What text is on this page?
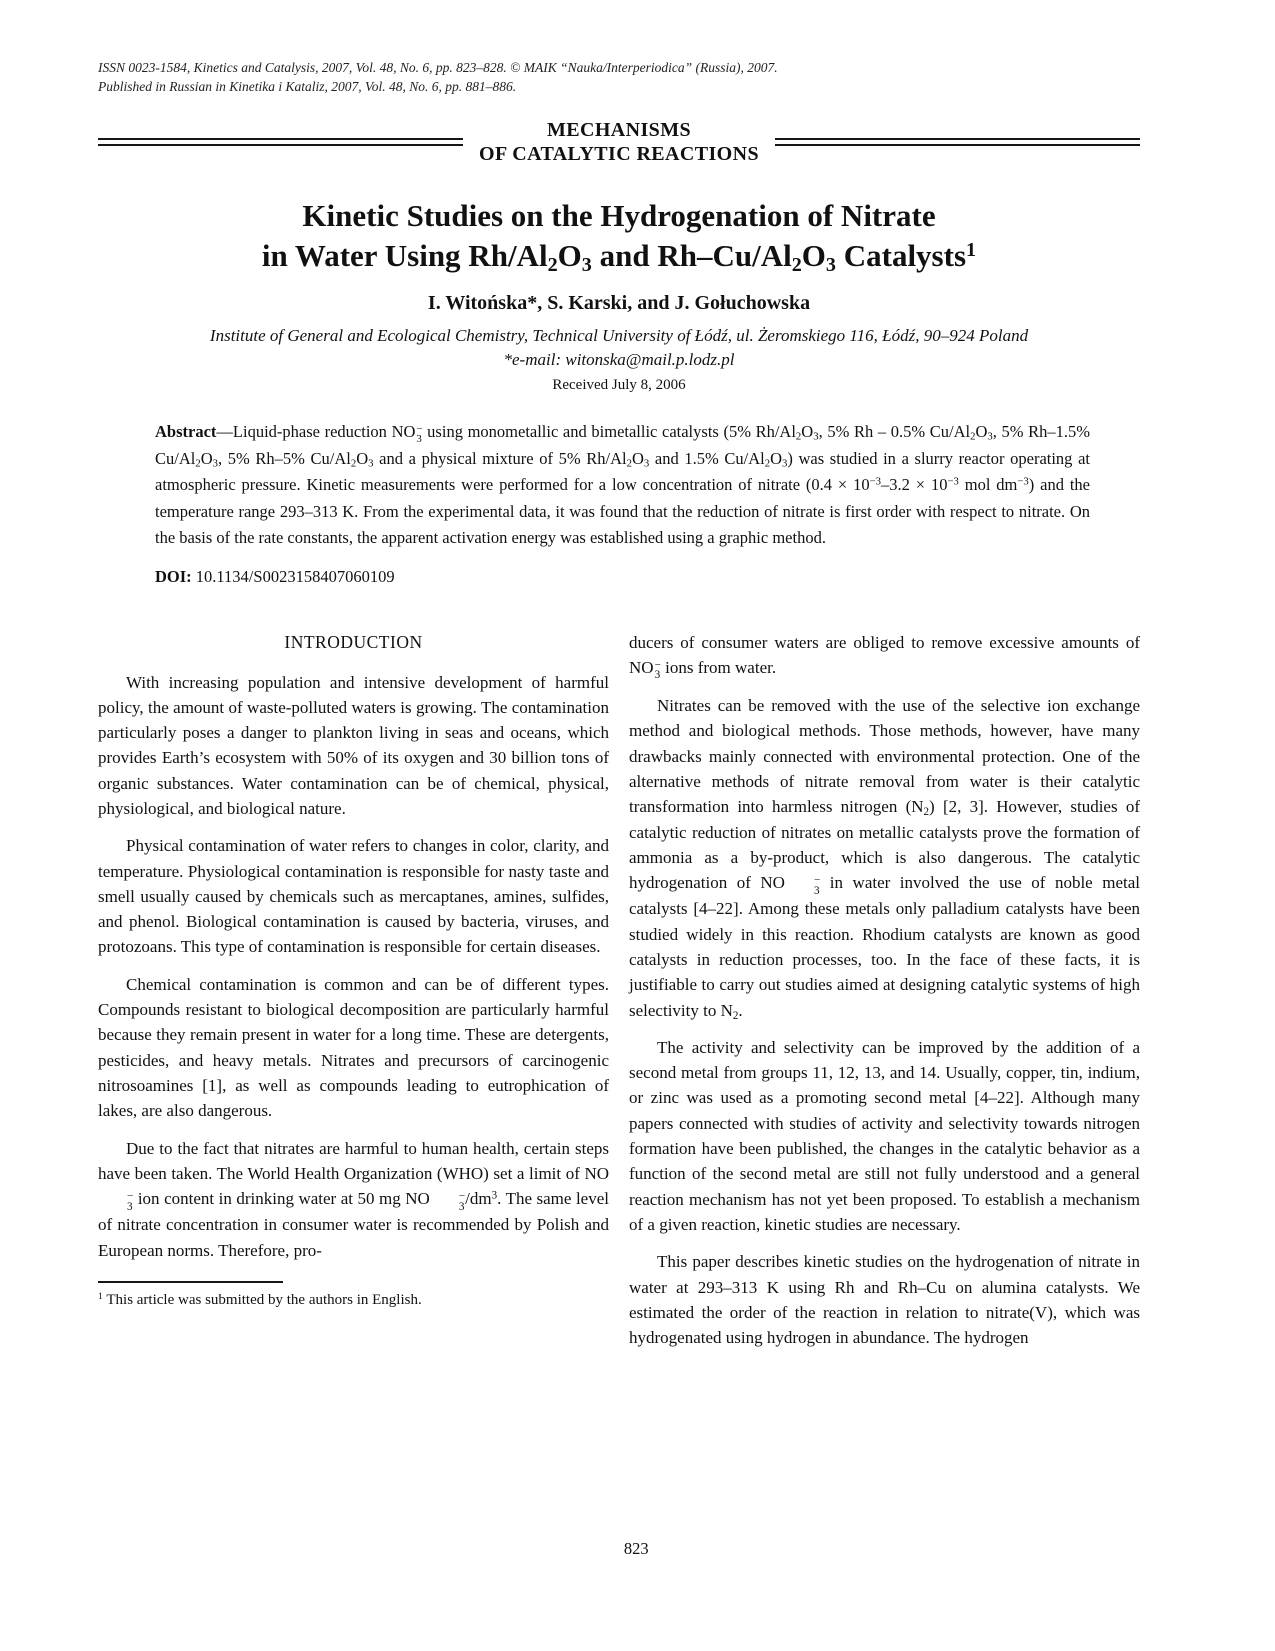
ISSN 0023-1584, Kinetics and Catalysis, 2007, Vol. 48, No. 6, pp. 823–828. © MAIK “Nauka/Interperiodica” (Russia), 2007.
Published in Russian in Kinetika i Kataliz, 2007, Vol. 48, No. 6, pp. 881–886.
MECHANISMS
OF CATALYTIC REACTIONS
Kinetic Studies on the Hydrogenation of Nitrate
in Water Using $Rh/Al_2O_3$ and $Rh-Cu/Al_2O_3$ Catalysts$^1$
I. Witońska*, S. Karski, and J. Gołuchowska
Institute of General and Ecological Chemistry, Technical University of Łódź, ul. Żeromskiego 116, Łódź, 90–924 Poland
*e-mail: witonska@mail.p.lodz.pl
Received July 8, 2006
Abstract—Liquid-phase reduction NO −
3 using monometallic and bimetallic catalysts (5% $Rh/Al_2O_3$, 5% Rh – 0.5% $Cu/Al_2O_3$, 5% Rh–1.5% $Cu/Al_2O_3$, 5% Rh–5% $Cu/Al_2O_3$ and a physical mixture of 5% $Rh/Al_2O_3$ and 1.5% $Cu/Al_2O_3$) was studied in a slurry reactor operating at atmospheric pressure. Kinetic measurements were performed for a low concentration of nitrate ($0.4 \times 10^{-3}-3.2 \times 10^{-3}$ mol $dm^{-3}$) and the temperature range 293–313 K. From the experimental data, it was found that the reduction of nitrate is first order with respect to nitrate. On the basis of the rate constants, the apparent activation energy was established using a graphic method.
DOI: 10.1134/S0023158407060109
INTRODUCTION

With increasing population and intensive development of harmful policy, the amount of waste-polluted waters is growing. The contamination particularly poses a danger to plankton living in seas and oceans, which provides Earth’s ecosystem with 50% of its oxygen and 30 billion tons of organic substances. Water contamination can be of chemical, physical, physiological, and biological nature.

Physical contamination of water refers to changes in color, clarity, and temperature. Physiological contamination is responsible for nasty taste and smell usually caused by chemicals such as mercaptanes, amines, sulfides, and phenol. Biological contamination is caused by bacteria, viruses, and protozoans. This type of contamination is responsible for certain diseases.

Chemical contamination is common and can be of different types. Compounds resistant to biological decomposition are particularly harmful because they remain present in water for a long time. These are detergents, pesticides, and heavy metals. Nitrates and precursors of carcinogenic nitrosoamines [1], as well as compounds leading to eutrophication of lakes, are also dangerous.

Due to the fact that nitrates are harmful to human health, certain steps have been taken. The World Health Organization (WHO) set a limit of NO
−
3 ion content in drinking water at 50 mg NO	−
3 $/dm^3$. The same level of nitrate concentration in consumer water is recommended by Polish and European norms. Therefore, pro-

$^1$ This article was submitted by the authors in English.

ducers of consumer waters are obliged to remove excessive amounts of NO −
3 ions from water.

Nitrates can be removed with the use of the selective ion exchange method and biological methods. Those methods, however, have many drawbacks mainly connected with environmental protection. One of the alternative methods of nitrate removal from water is their catalytic transformation into harmless nitrogen $(N_2)$ [2, 3]. However, studies of catalytic reduction of nitrates on metallic catalysts prove the formation of ammonia as a by-product, which is also dangerous. The catalytic hydrogenation of NO	−
3 in water involved the use of noble metal catalysts [4–22]. Among these metals only palladium catalysts have been studied widely in this reaction. Rhodium catalysts are known as good catalysts in reduction processes, too. In the face of these facts, it is justifiable to carry out studies aimed at designing catalytic systems of high selectivity to $N_2$.

The activity and selectivity can be improved by the addition of a second metal from groups 11, 12, 13, and 14. Usually, copper, tin, indium, or zinc was used as a promoting second metal [4–22]. Although many papers connected with studies of activity and selectivity towards nitrogen formation have been published, the changes in the catalytic behavior as a function of the second metal are still not fully understood and a general reaction mechanism has not yet been proposed. To establish a mechanism of a given reaction, kinetic studies are necessary.

This paper describes kinetic studies on the hydrogenation of nitrate in water at 293–313 K using Rh and Rh–Cu on alumina catalysts. We estimated the order of the reaction in relation to nitrate(V), which was hydrogenated using hydrogen in abundance. The hydrogen

823
